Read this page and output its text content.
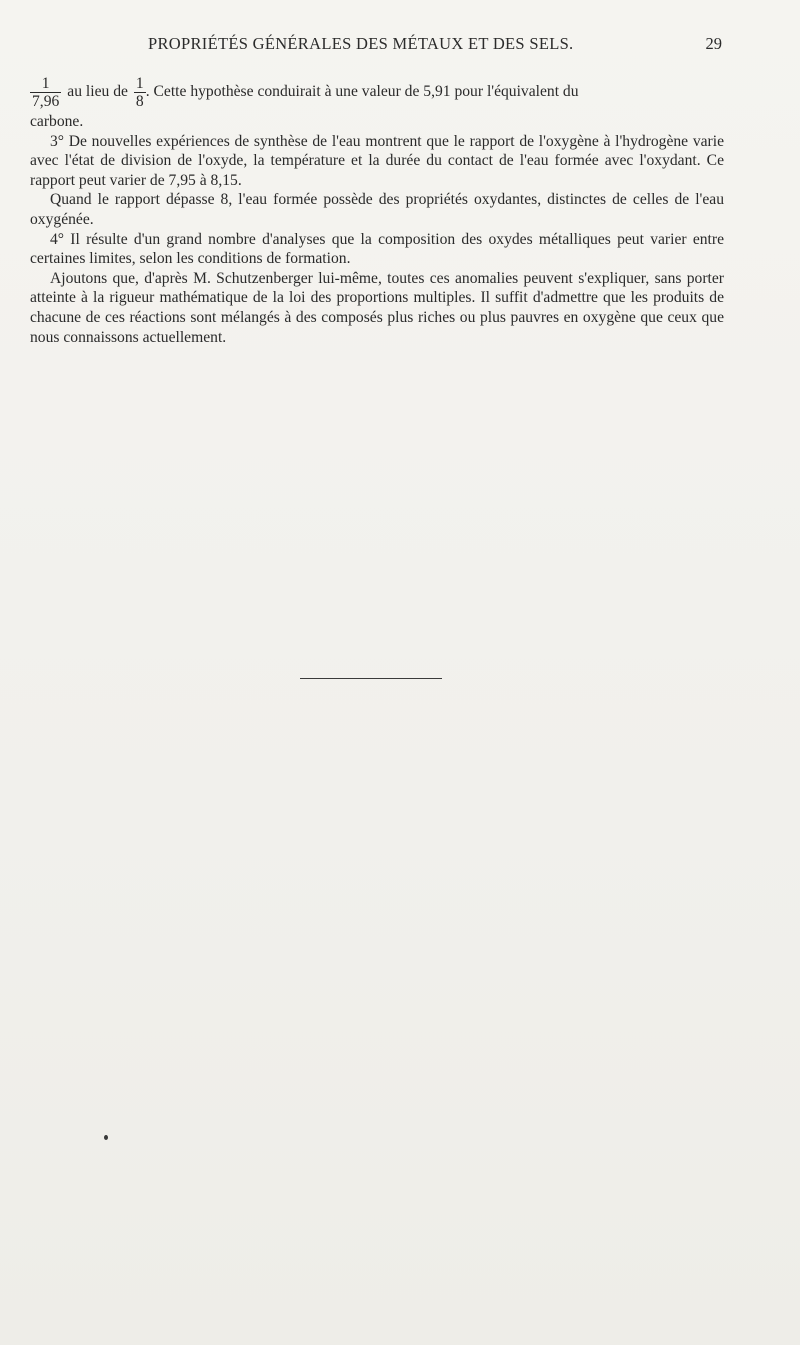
PROPRIÉTÉS GÉNÉRALES DES MÉTAUX ET DES SELS.	29
$\frac{1}{7,96}$ au lieu de $\frac{1}{8}$ . Cette hypothèse conduirait à une valeur de 5,91 pour l'équivalent du

carbone.

3° De nouvelles expériences de synthèse de l'eau montrent que le rapport de l'oxygène à l'hydrogène varie avec l'état de division de l'oxyde, la température et la durée du contact de l'eau formée avec l'oxydant. Ce rapport peut varier de 7,95 à 8,15.

Quand le rapport dépasse 8, l'eau formée possède des propriétés oxydantes, distinctes de celles de l'eau oxygénée.

4° Il résulte d'un grand nombre d'analyses que la composition des oxydes métalliques peut varier entre certaines limites, selon les conditions de formation.

Ajoutons que, d'après M. Schutzenberger lui-même, toutes ces anomalies peuvent s'expliquer, sans porter atteinte à la rigueur mathématique de la loi des proportions multiples. Il suffit d'admettre que les produits de chacune de ces réactions sont mélangés à des composés plus riches ou plus pauvres en oxygène que ceux que nous connaissons actuellement.
